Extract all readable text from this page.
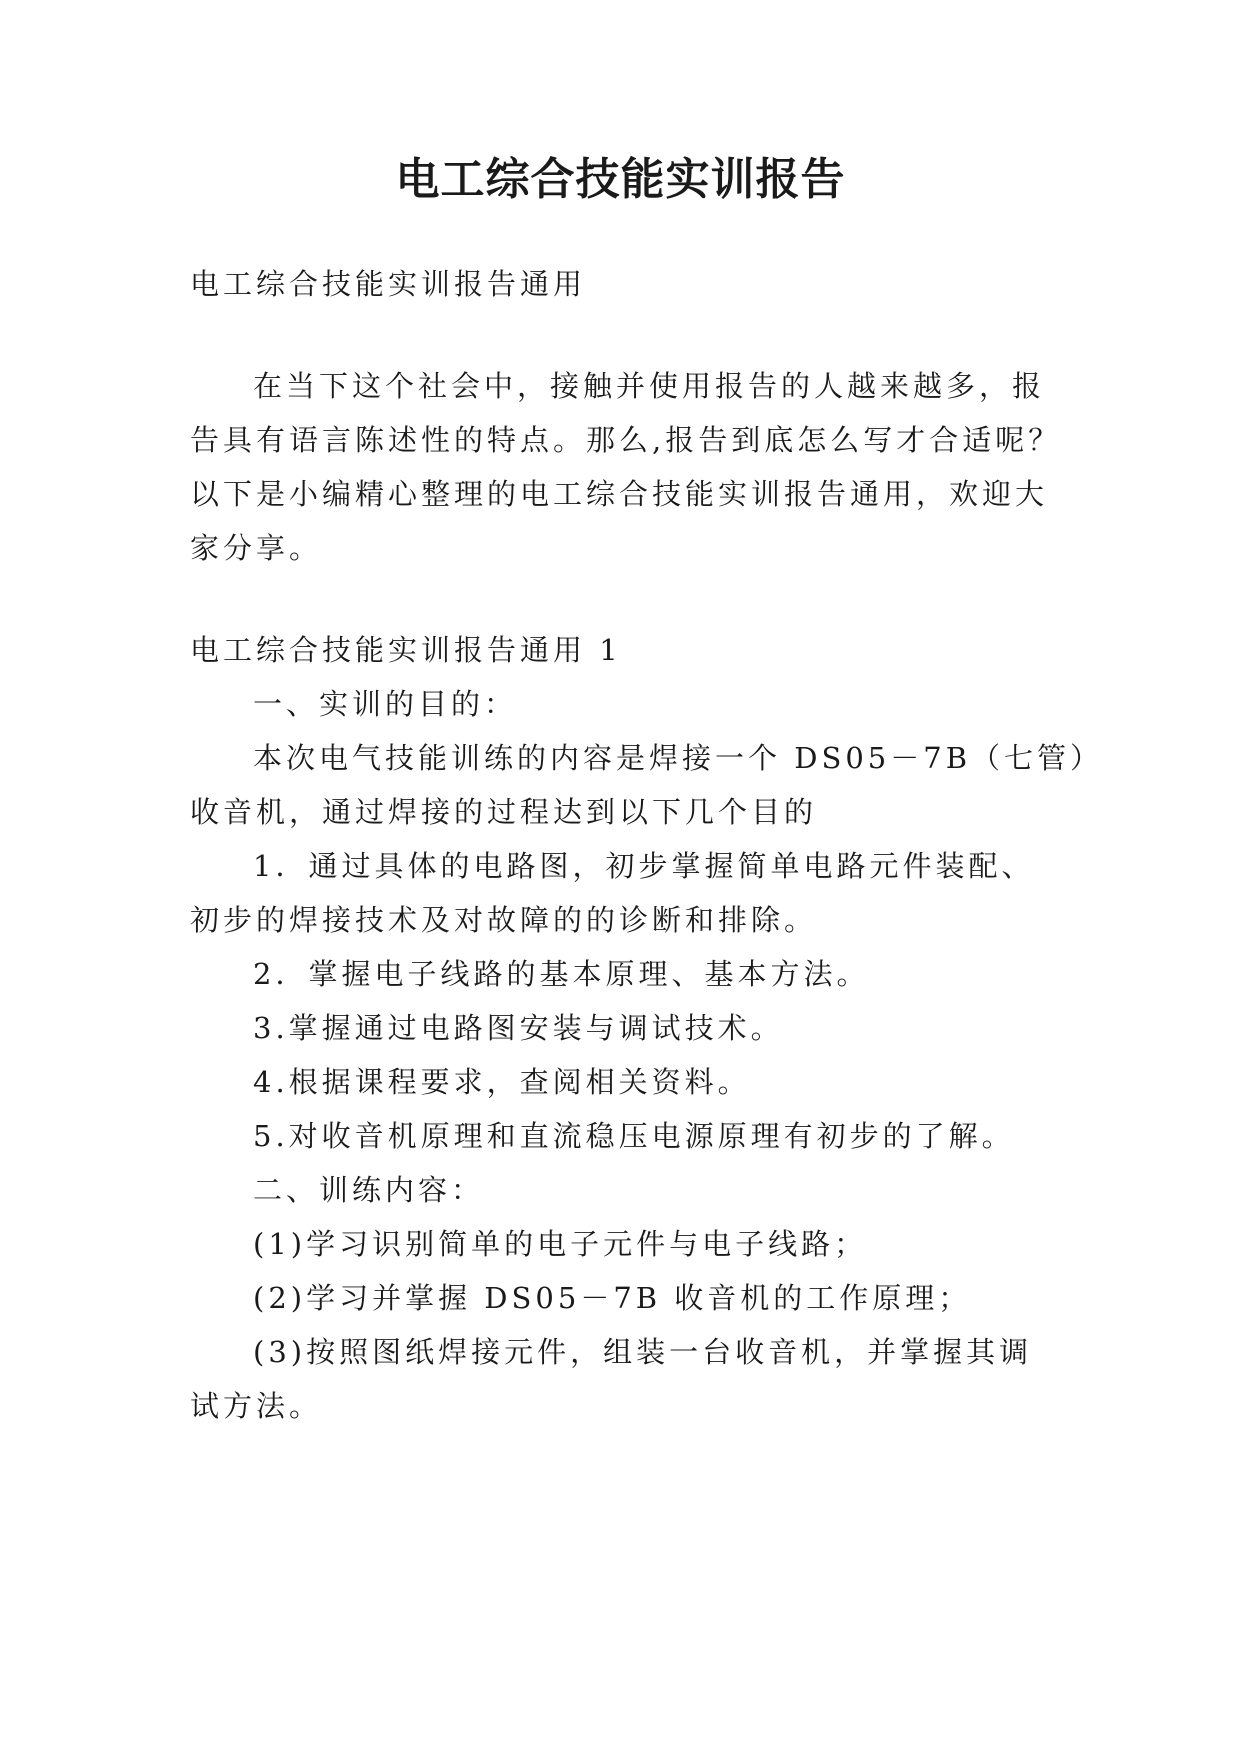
电工综合技能实训报告
电工综合技能实训报告通用
在当下这个社会中，接触并使用报告的人越来越多，报
告具有语言陈述性的特点。那么,报告到底怎么写才合适呢？
以下是小编精心整理的电工综合技能实训报告通用，欢迎大
家分享。
电工综合技能实训报告通用 1
一、实训的目的：
本次电气技能训练的内容是焊接一个 DS05－7B（七管）
收音机，通过焊接的过程达到以下几个目的
1．通过具体的电路图，初步掌握简单电路元件装配、
初步的焊接技术及对故障的的诊断和排除。
2．掌握电子线路的基本原理、基本方法。
3.掌握通过电路图安装与调试技术。
4.根据课程要求，查阅相关资料。
5.对收音机原理和直流稳压电源原理有初步的了解。
二、训练内容：
(1)学习识别简单的电子元件与电子线路；
(2)学习并掌握 DS05－7B 收音机的工作原理；
(3)按照图纸焊接元件，组装一台收音机，并掌握其调
试方法。
